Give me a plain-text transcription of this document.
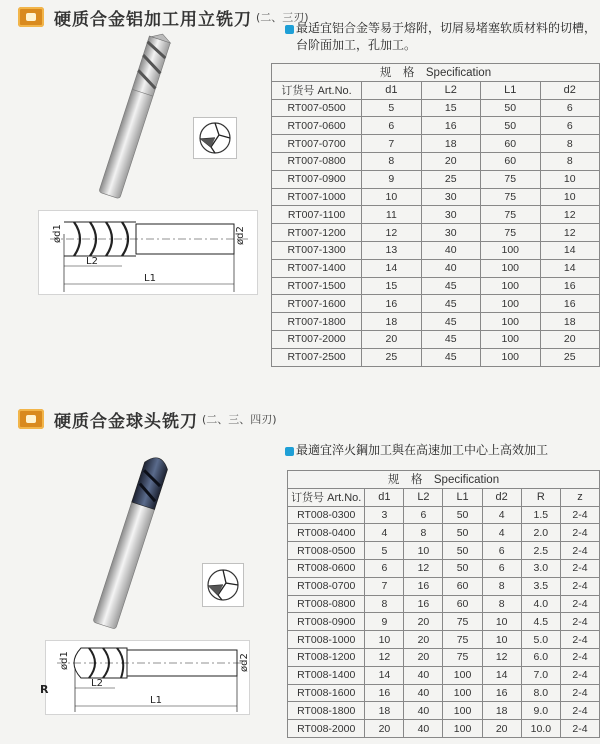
硬质合金铝加工用立铣刀 (二、三刃)
ød1	ød2
L2
L1
最适宜铝合金等易于熔附，切屑易堵塞软质材料的切槽，
台阶面加工，孔加工。
规　格　Specification				
订货号 Art.No.	d1	L2	L1	d2
RT007-0500	5	15	50	6
RT007-0600	6	16	50	6
RT007-0700	7	18	60	8
RT007-0800	8	20	60	8
RT007-0900	9	25	75	10
RT007-1000	10	30	75	10
RT007-1100	11	30	75	12
RT007-1200	12	30	75	12
RT007-1300	13	40	100	14
RT007-1400	14	40	100	14
RT007-1500	15	45	100	16
RT007-1600	16	45	100	16
RT007-1800	18	45	100	18
RT007-2000	20	45	100	20
RT007-2500	25	45	100	25
硬质合金球头铣刀 (二、三、四刃)
ød1	ød2
L2
L1
R
最適宜淬火鋼加工與在高速加工中心上高效加工
规　格　Specification						
订货号 Art.No.	d1	L2	L1	d2	R	z
RT008-0300	3	6	50	4	1.5	2-4
RT008-0400	4	8	50	4	2.0	2-4
RT008-0500	5	10	50	6	2.5	2-4
RT008-0600	6	12	50	6	3.0	2-4
RT008-0700	7	16	60	8	3.5	2-4
RT008-0800	8	16	60	8	4.0	2-4
RT008-0900	9	20	75	10	4.5	2-4
RT008-1000	10	20	75	10	5.0	2-4
RT008-1200	12	20	75	12	6.0	2-4
RT008-1400	14	40	100	14	7.0	2-4
RT008-1600	16	40	100	16	8.0	2-4
RT008-1800	18	40	100	18	9.0	2-4
RT008-2000	20	40	100	20	10.0	2-4
